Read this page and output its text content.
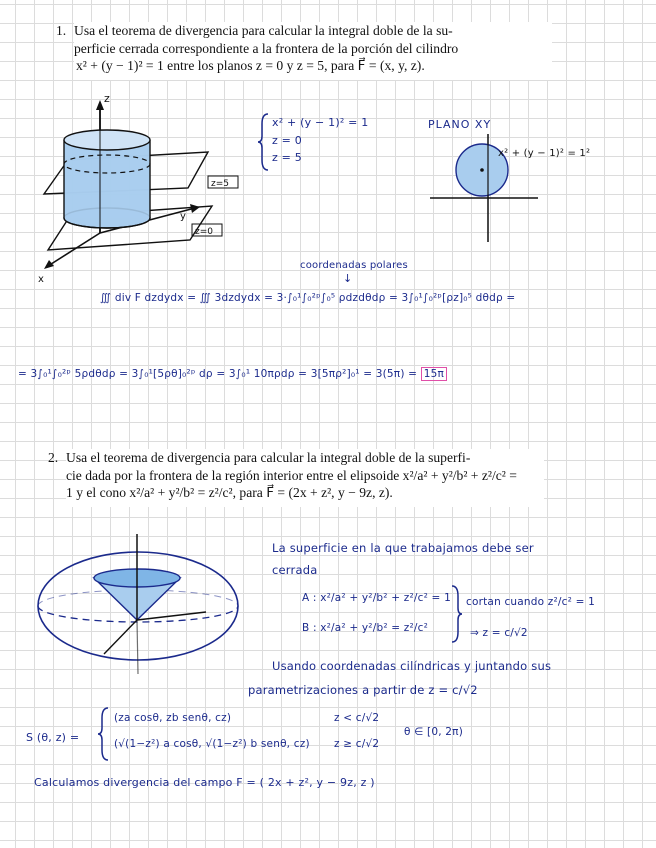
1. Usa el teorema de divergencia para calcular la integral doble de la su-
perficie cerrada correspondiente a la frontera de la porción del cilindro
x² + (y − 1)² = 1 entre los planos z = 0 y z = 5, para F⃗ = (x, y, z).
z
y
x
z=5
z=0
x² + (y − 1)² = 1
z = 0
z = 5
PLANO XY
x² + (y − 1)² = 1²
coordenadas polares
↓
∭ div F dzdydx = ∭ 3dzdydx = 3·∫₀¹∫₀²ᵖ∫₀⁵ ρdzdθdρ = 3∫₀¹∫₀²ᵖ[ρz]₀⁵ dθdρ =
= 3∫₀¹∫₀²ᵖ 5ρdθdρ = 3∫₀¹[5ρθ]₀²ᵖ dρ = 3∫₀¹ 10πρdρ = 3[5πρ²]₀¹ = 3(5π) = 15π
2. Usa el teorema de divergencia para calcular la integral doble de la superfi-
cie dada por la frontera de la región interior entre el elipsoide x²/a² + y²/b² + z²/c² =
1 y el cono x²/a² + y²/b² = z²/c², para F⃗ = (2x + z², y − 9z, z).
La superficie en la que trabajamos debe ser
cerrada
A : x²/a² + y²/b² + z²/c² = 1
B : x²/a² + y²/b² = z²/c²
cortan cuando z²/c² = 1
⇒ z = c/√2
Usando coordenadas cilíndricas y juntando sus
parametrizaciones a partir de z = c/√2
S (θ, z) =
(za cosθ, zb senθ, cz)	z < c/√2
(√(1−z²) a cosθ, √(1−z²) b senθ, cz) z ≥ c/√2
θ ∈ [0, 2π)
Calculamos divergencia del campo F = ( 2x + z², y − 9z, z )
